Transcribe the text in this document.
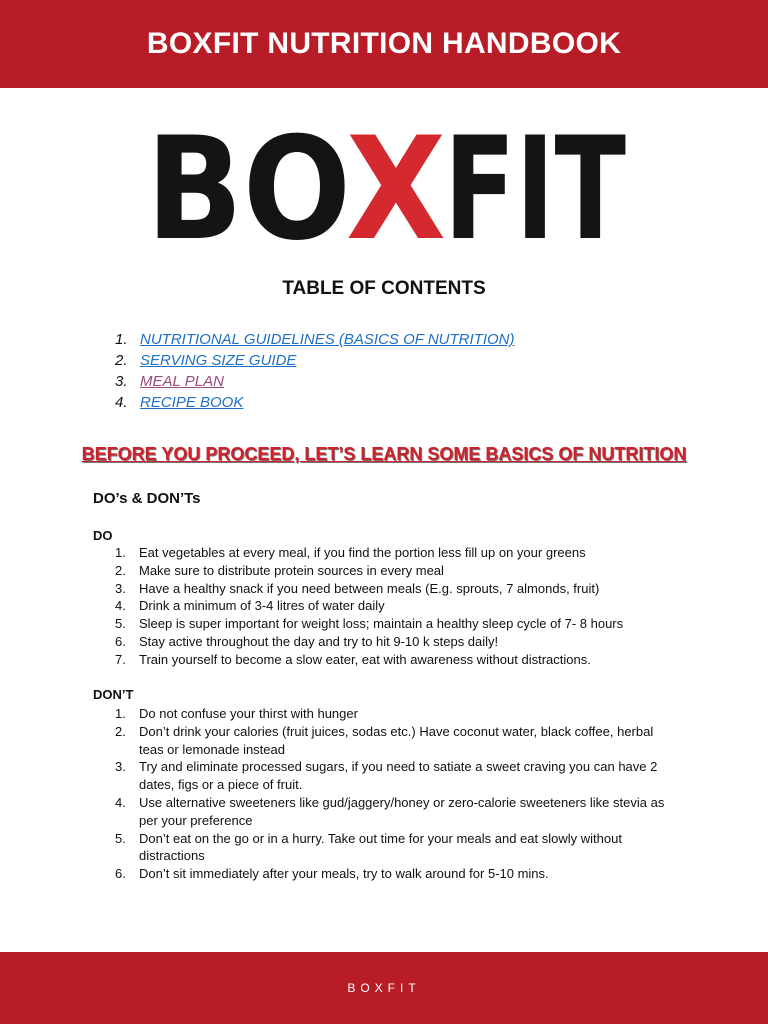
BOXFIT NUTRITION HANDBOOK
BO
X
FIT
TABLE OF CONTENTS
1. NUTRITIONAL GUIDELINES (BASICS OF NUTRITION)
2. SERVING SIZE GUIDE
3. MEAL PLAN
4. RECIPE BOOK
BEFORE YOU PROCEED, LET’S LEARN SOME BASICS OF NUTRITION
DO’s & DON’Ts
DO
1.	Eat vegetables at every meal, if you find the portion less fill up on your greens
2.	Make sure to distribute protein sources in every meal
3.	Have a healthy snack if you need between meals (E.g. sprouts, 7 almonds, fruit)
4.	Drink a minimum of 3-4 litres of water daily
5.	Sleep is super important for weight loss; maintain a healthy sleep cycle of 7- 8 hours
6.	Stay active throughout the day and try to hit 9-10 k steps daily!
7.	Train yourself to become a slow eater, eat with awareness without distractions.
DON’T
1.	Do not confuse your thirst with hunger
2.	Don’t drink your calories (fruit juices, sodas etc.) Have coconut water, black coffee, herbal teas or lemonade instead
3.	Try and eliminate processed sugars, if you need to satiate a sweet craving you can have 2 dates, figs or a piece of fruit.
4.	Use alternative sweeteners like gud/jaggery/honey or zero-calorie sweeteners like stevia as per your preference
5.	Don’t eat on the go or in a hurry. Take out time for your meals and eat slowly without distractions
6.	Don’t sit immediately after your meals, try to walk around for 5-10 mins.
BOXFIT
